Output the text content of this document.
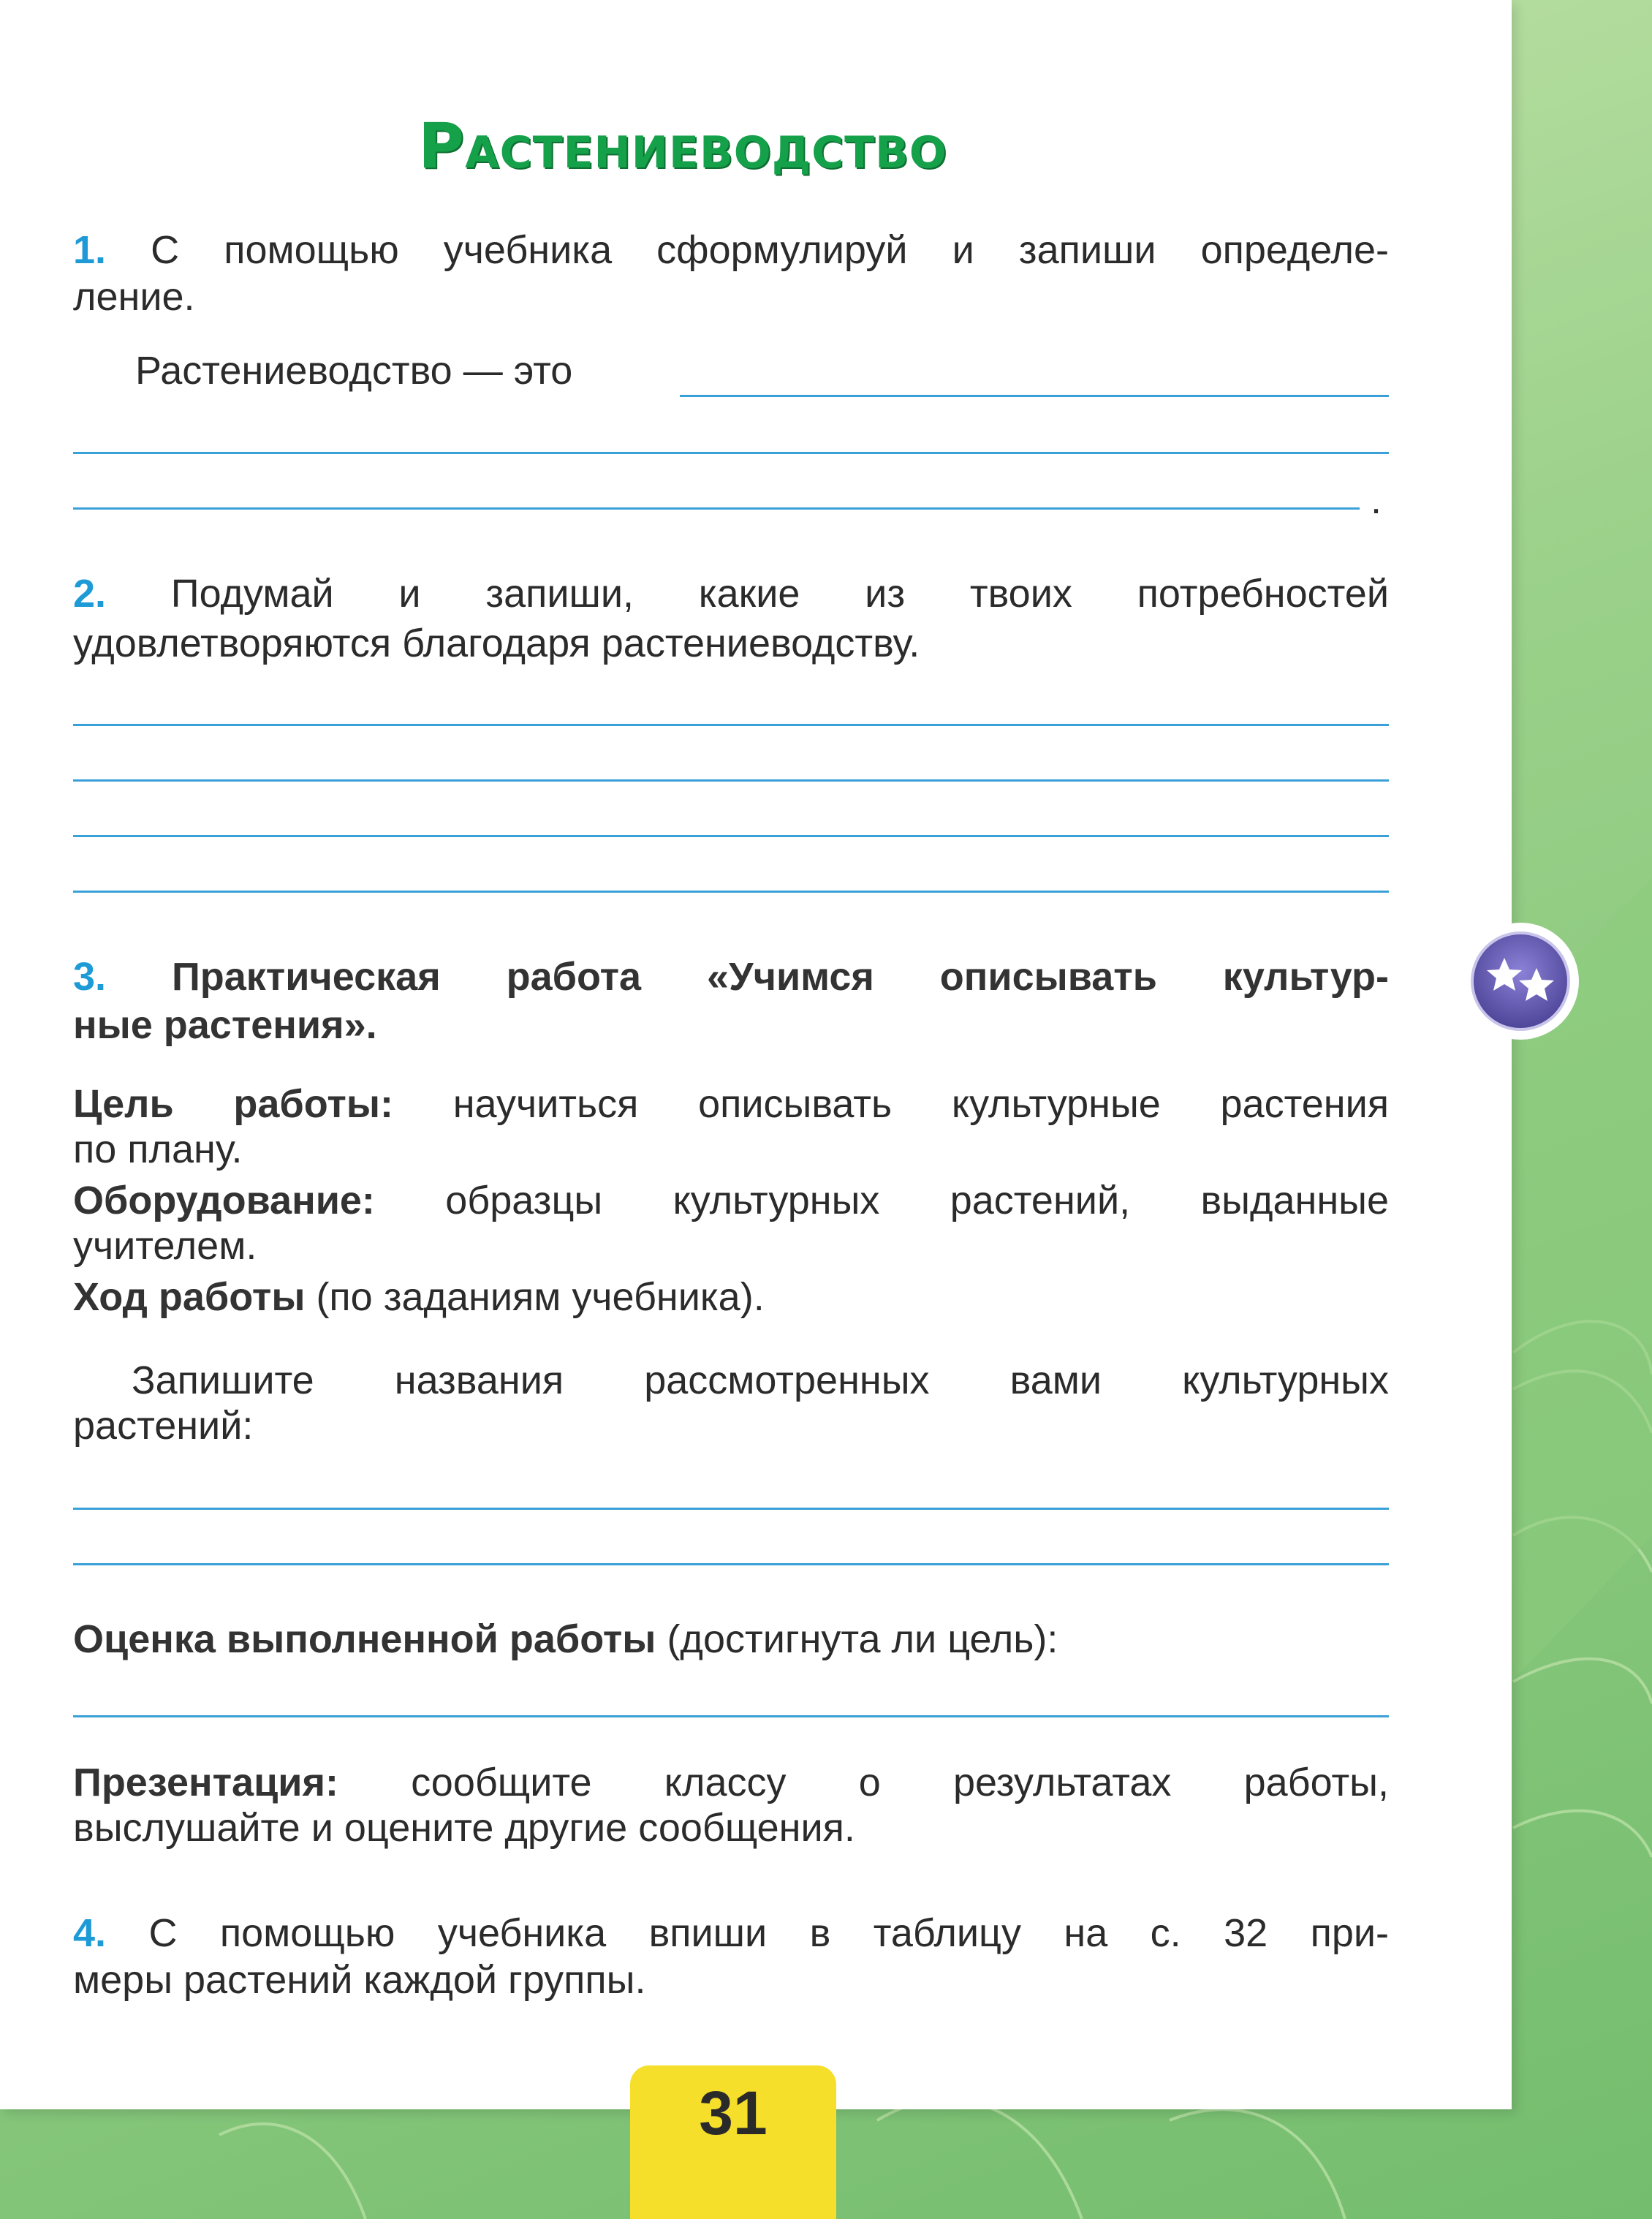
Растениеводство
1. С помощью учебника сформулируй и запиши определе-
ление.
Растениеводство — это
.
2. Подумай и запиши, какие из твоих потребностей
удовлетворяются благодаря растениеводству.
3. Практическая работа «Учимся описывать культур-
ные растения».
Цель работы: научиться описывать культурные растения
по плану.
Оборудование: образцы культурных растений, выданные
учителем.
Ход работы (по заданиям учебника).
Запишите названия рассмотренных вами культурных
растений:
Оценка выполненной работы (достигнута ли цель):
Презентация: сообщите классу о результатах работы,
выслушайте и оцените другие сообщения.
4. С помощью учебника впиши в таблицу на с. 32 при-
меры растений каждой группы.
31
